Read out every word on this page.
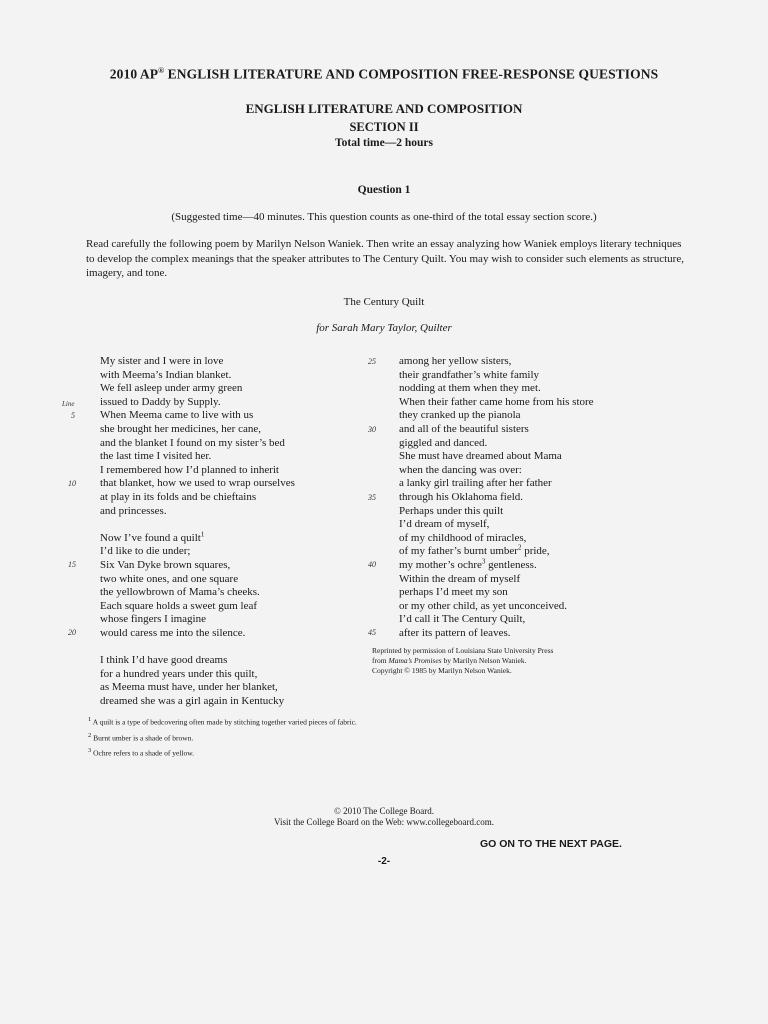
2010 AP® ENGLISH LITERATURE AND COMPOSITION FREE-RESPONSE QUESTIONS
ENGLISH LITERATURE AND COMPOSITION
SECTION II
Total time—2 hours
Question 1
(Suggested time—40 minutes. This question counts as one-third of the total essay section score.)
Read carefully the following poem by Marilyn Nelson Waniek. Then write an essay analyzing how Waniek employs literary techniques to develop the complex meanings that the speaker attributes to The Century Quilt. You may wish to consider such elements as structure, imagery, and tone.
The Century Quilt
for Sarah Mary Taylor, Quilter
My sister and I were in love
with Meema’s Indian blanket.
We fell asleep under army green
issued to Daddy by Supply.
When Meema came to live with us
she brought her medicines, her cane,
and the blanket I found on my sister’s bed
the last time I visited her.
I remembered how I’d planned to inherit
that blanket, how we used to wrap ourselves
at play in its folds and be chieftains
and princesses.
Now I’ve found a quilt$^1$
I’d like to die under;
Six Van Dyke brown squares,
two white ones, and one square
the yellowbrown of Mama’s cheeks.
Each square holds a sweet gum leaf
whose fingers I imagine
would caress me into the silence.
I think I’d have good dreams
for a hundred years under this quilt,
as Meema must have, under her blanket,
dreamed she was a girl again in Kentucky
Line
5
10
15
20
among her yellow sisters,
their grandfather’s white family
nodding at them when they met.
When their father came home from his store
they cranked up the pianola
and all of the beautiful sisters
giggled and danced.
She must have dreamed about Mama
when the dancing was over:
a lanky girl trailing after her father
through his Oklahoma field.
Perhaps under this quilt
I’d dream of myself,
of my childhood of miracles,
of my father’s burnt umber$^2$ pride,
my mother’s ochre$^3$ gentleness.
Within the dream of myself
perhaps I’d meet my son
or my other child, as yet unconceived.
I’d call it The Century Quilt,
after its pattern of leaves.
25
30
35
40
45
Reprinted by permission of Louisiana State University Press
from Mama’s Promises by Marilyn Nelson Waniek.
Copyright © 1985 by Marilyn Nelson Waniek.
$^1$ A quilt is a type of bedcovering often made by stitching together varied pieces of fabric.
$^2$ Burnt umber is a shade of brown.
$^3$ Ochre refers to a shade of yellow.
© 2010 The College Board.
Visit the College Board on the Web: www.collegeboard.com.
GO ON TO THE NEXT PAGE.
-2-
